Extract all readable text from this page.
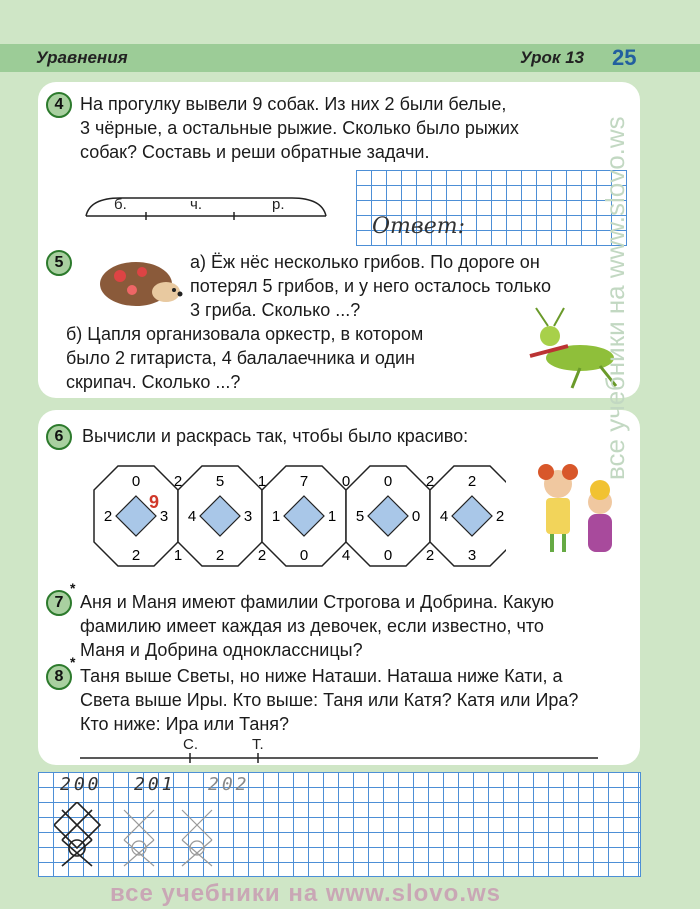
Уравнения	Урок 13 25
4 На прогулку вывели 9 собак. Из них 2 были белые,
3 чёрные, а остальные рыжие. Сколько было рыжих
собак? Составь и реши обратные задачи.
б.	ч.	р.
Ответ:
5	а) Ёж нёс несколько грибов. По дороге он
потерял 5 грибов, и у него осталось только
3 гриба. Сколько ...?
б) Цапля организовала оркестр, в котором
было 2 гитариста, 4 балалаечника и один
скрипач. Сколько ...?
6	Вычисли и раскрась так, чтобы было красиво:
0
2	3
2
5
4	3
2
7
1	1
0
0
5	0
0
2
4	2
3
2
1
1
2
0
4
2
2
9
7
*
Аня и Маня имеют фамилии Строгова и Добрина. Какую
фамилию имеет каждая из девочек, если известно, что
Маня и Добрина одноклассницы?
8
*
Таня выше Светы, но ниже Наташи. Наташа ниже Кати, а
Света выше Иры. Кто выше: Таня или Катя? Катя или Ира?
Кто ниже: Ира или Таня?
С.	Т.
200 201 202
все учебники на www.slovo.ws
все учебники на www.slovo.ws
